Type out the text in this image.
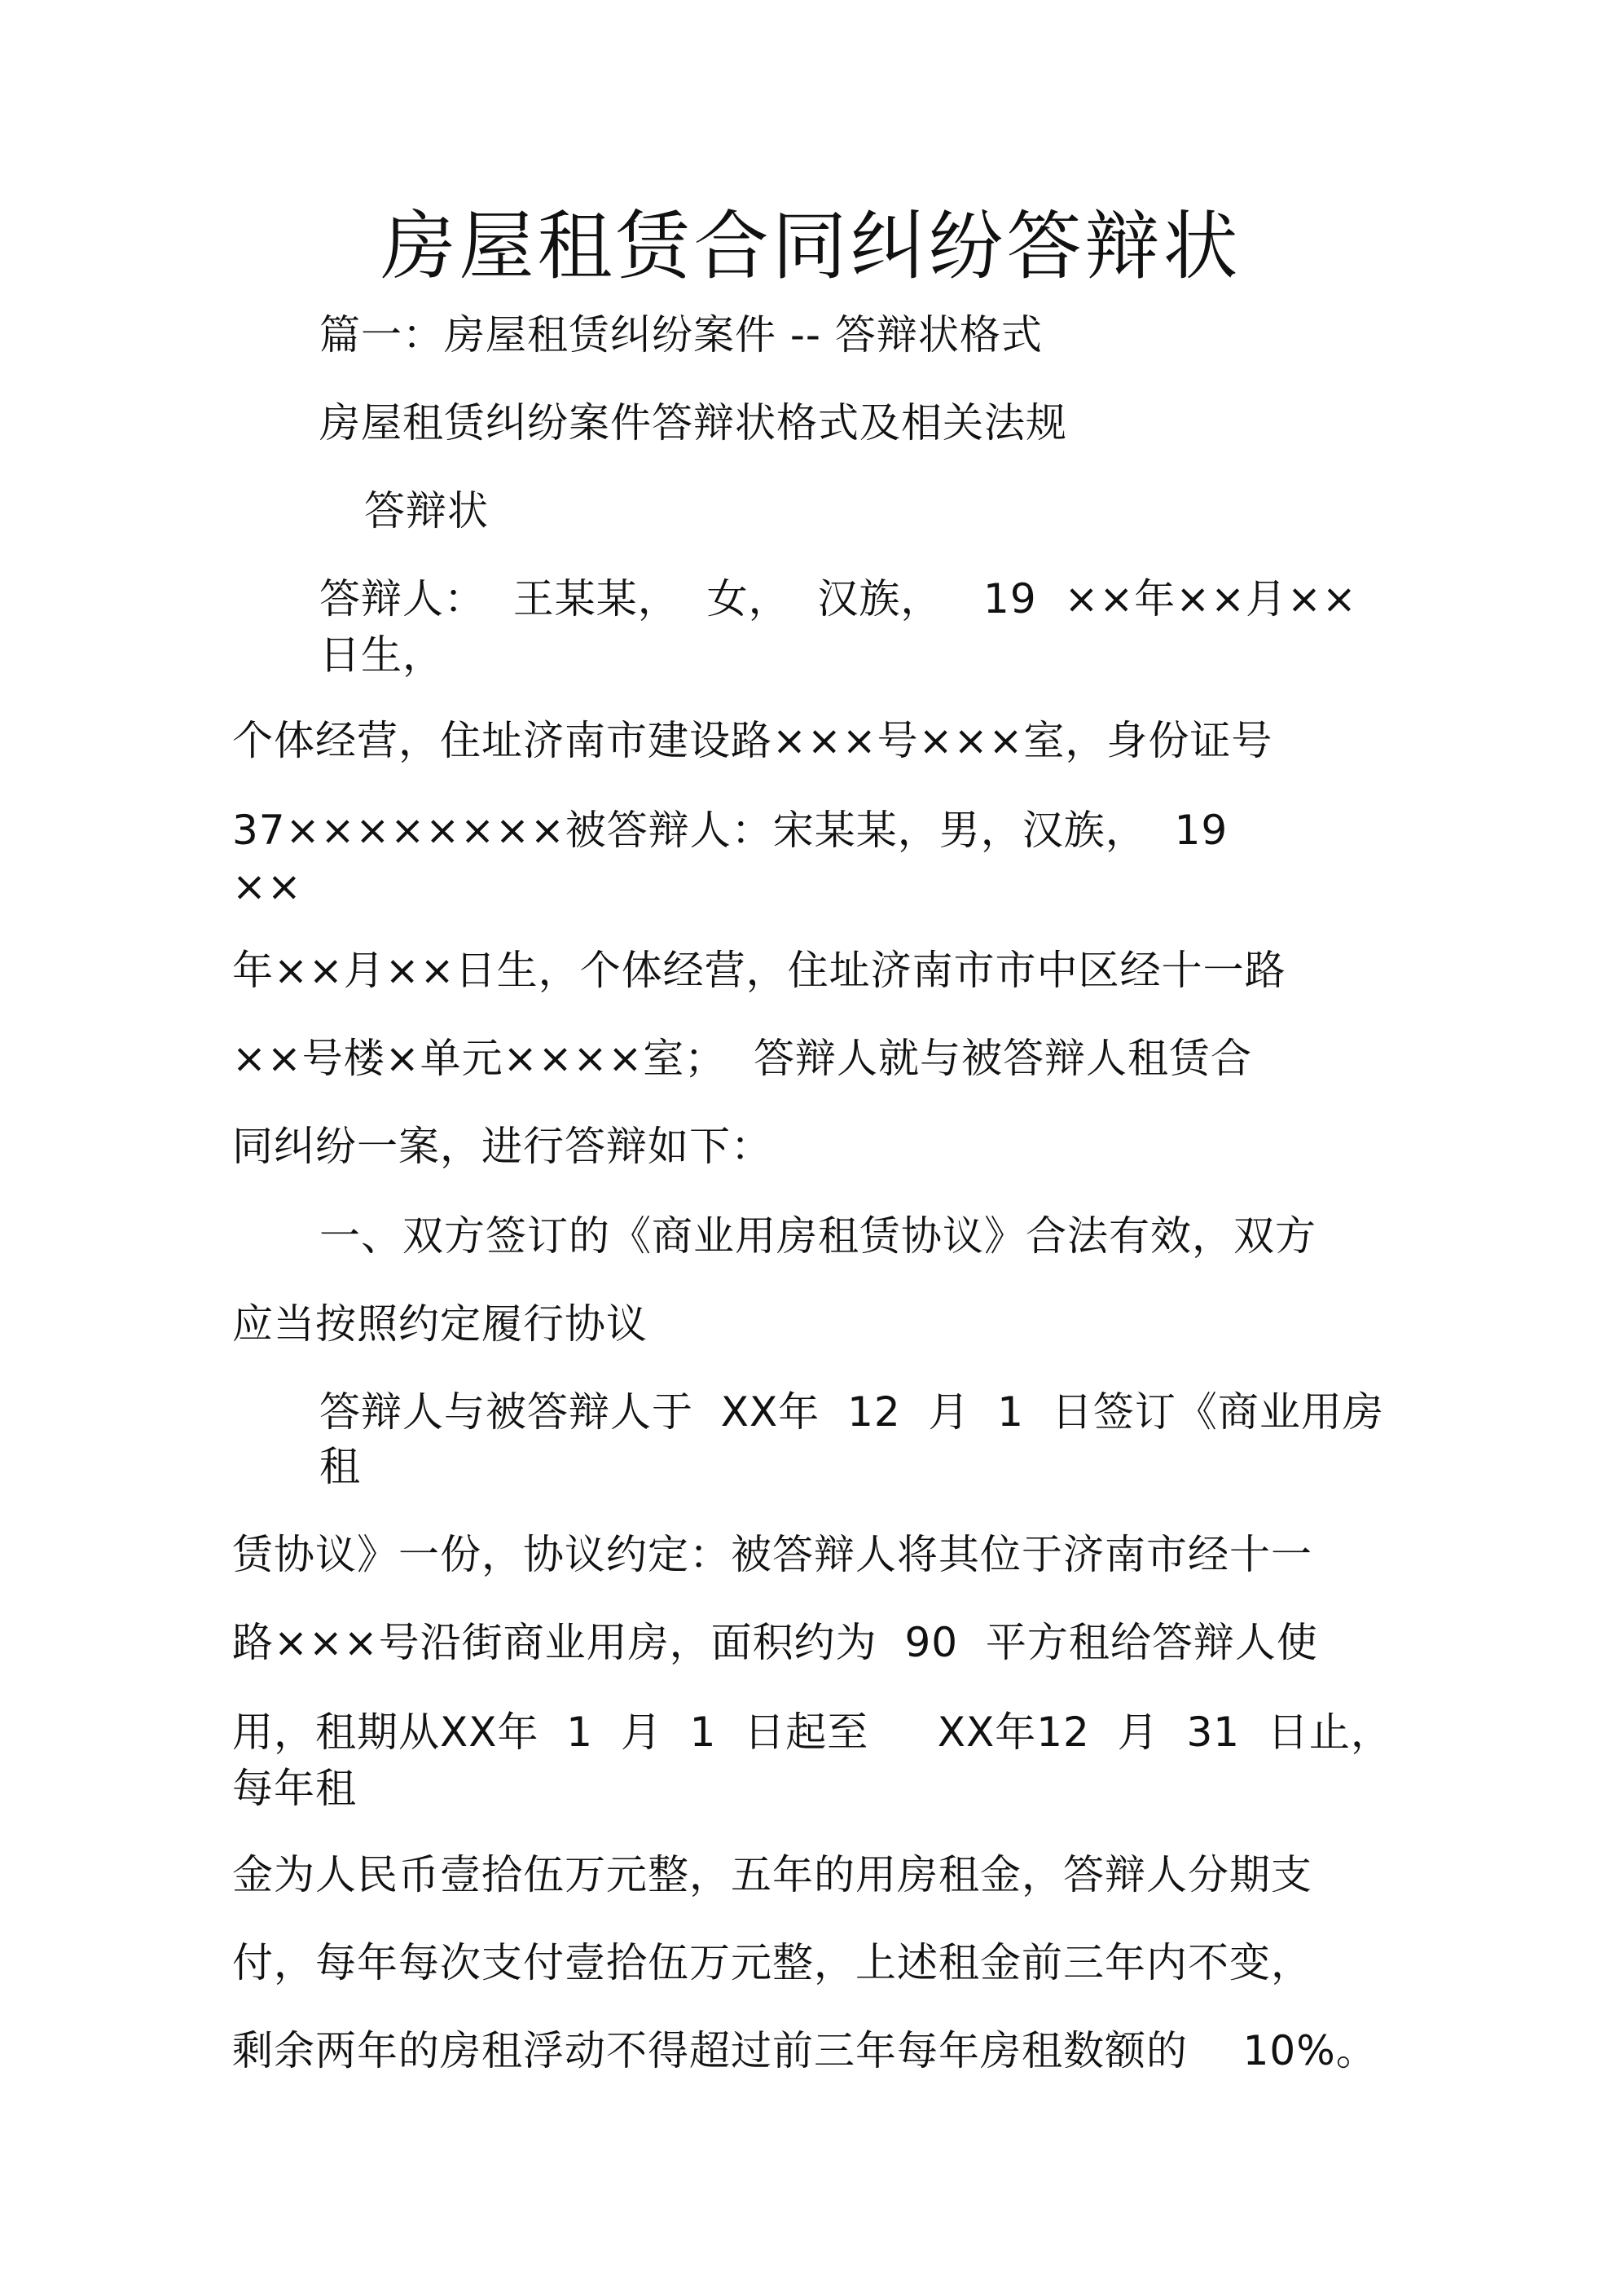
房屋租赁合同纠纷答辩状
篇一：房屋租赁纠纷案件 -- 答辩状格式
房屋租赁纠纷案件答辩状格式及相关法规
答辩状
答辩人：  王某某，  女，  汉族，   19  ××年××月××
日生，
个体经营，住址济南市建设路×××号×××室，身份证号
37××××××××被答辩人：宋某某，男，汉族，  19
××
年××月××日生，个体经营，住址济南市市中区经十一路
××号楼×单元××××室；  答辩人就与被答辩人租赁合
同纠纷一案，进行答辩如下：
一、双方签订的《商业用房租赁协议》合法有效，双方
应当按照约定履行协议
答辩人与被答辩人于  XX年  12  月  1  日签订《商业用房
租
赁协议》一份，协议约定：被答辩人将其位于济南市经十一
路×××号沿街商业用房，面积约为  90  平方租给答辩人使
用，租期从XX年  1  月  1  日起至     XX年12  月  31  日止，
每年租
金为人民币壹拾伍万元整，五年的用房租金，答辩人分期支
付，每年每次支付壹拾伍万元整，上述租金前三年内不变，
剩余两年的房租浮动不得超过前三年每年房租数额的    10%。
